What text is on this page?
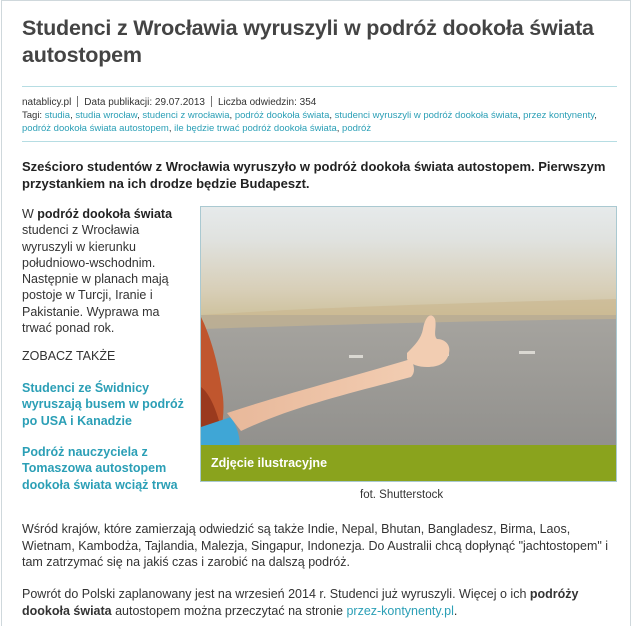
Studenci z Wrocławia wyruszyli w podróż dookoła świata autostopem
natablicy.pl Data publikacji: 29.07.2013 Liczba odwiedzin: 354
Tagi: studia, studia wrocław, studenci z wrocławia, podróż dookoła świata, studenci wyruszyli w podróż dookoła świata, przez kontynenty, podróż dookoła świata autostopem, ile będzie trwać podróż dookoła świata, podróż
Sześcioro studentów z Wrocławia wyruszyło w podróż dookoła świata autostopem. Pierwszym przystankiem na ich drodze będzie Budapeszt.
W podróż dookoła świata studenci z Wrocławia wyruszyli w kierunku południowo-wschodnim. Następnie w planach mają postoje w Turcji, Iranie i Pakistanie. Wyprawa ma trwać ponad rok.
ZOBACZ TAKŻE
Studenci ze Świdnicy wyruszają busem w podróż po USA i Kanadzie
Podróż nauczyciela z Tomaszowa autostopem dookoła świata wciąż trwa
Zdjęcie ilustracyjne
fot. Shutterstock
Wśród krajów, które zamierzają odwiedzić są także Indie, Nepal, Bhutan, Bangladesz, Birma, Laos, Wietnam, Kambodża, Tajlandia, Malezja, Singapur, Indonezja. Do Australii chcą dopłynąć "jachtostopem" i tam zatrzymać się na jakiś czas i zarobić na dalszą podróż.
Powrót do Polski zaplanowany jest na wrzesień 2014 r. Studenci już wyruszyli. Więcej o ich podróży dookoła świata autostopem można przeczytać na stronie przez-kontynenty.pl.
